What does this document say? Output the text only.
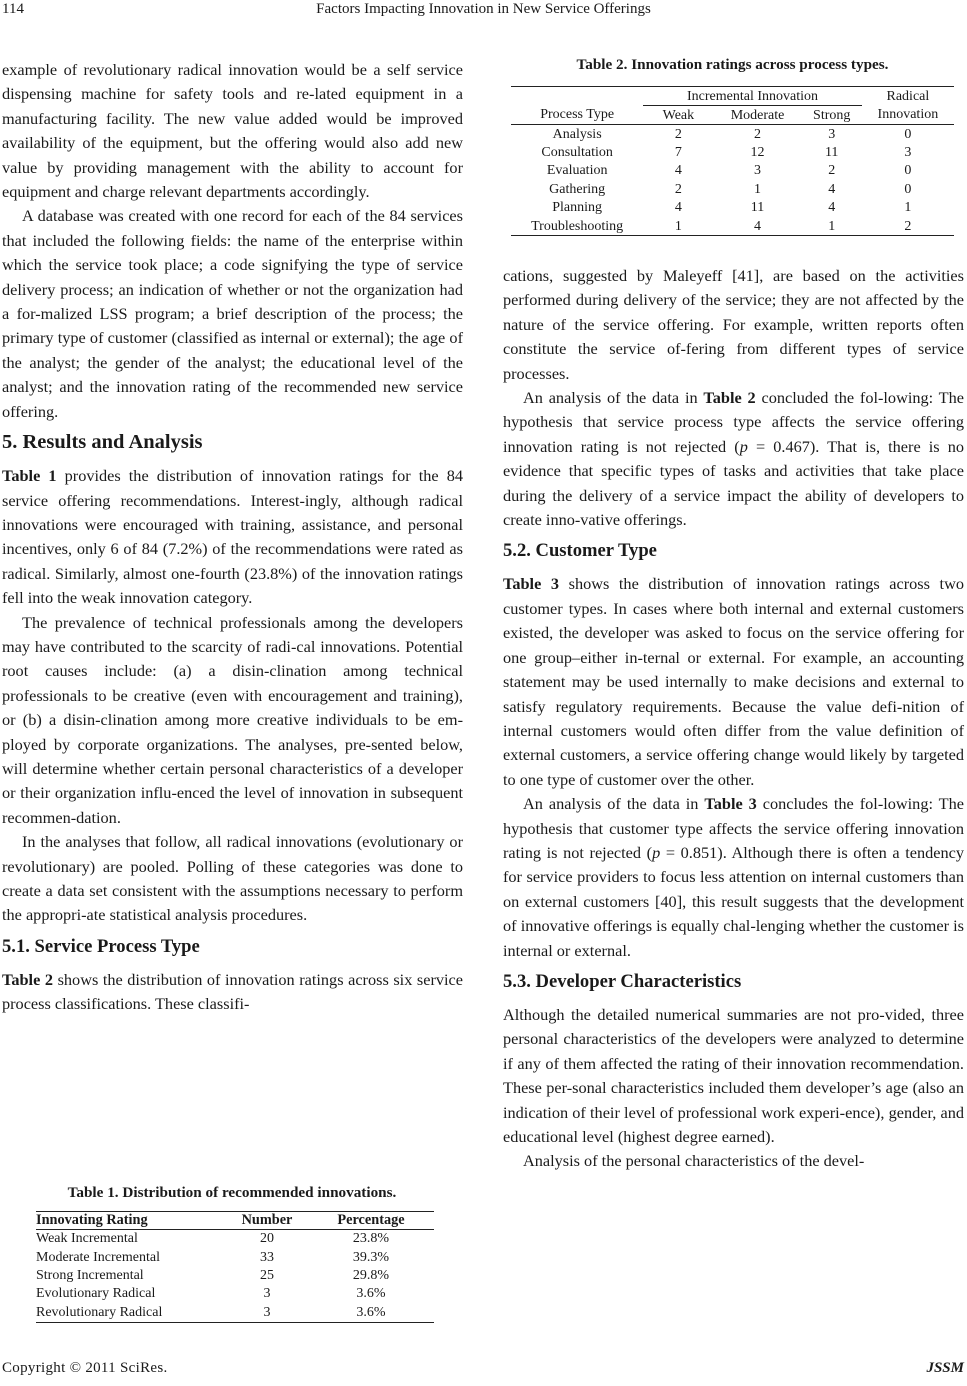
114	Factors Impacting Innovation in New Service Offerings

example of revolutionary radical innovation would be a self service dispensing machine for safety tools and re-lated equipment in a manufacturing facility. The new value added would be improved availability of the equipment, but the offering would also add new value by providing management with the ability to account for equipment and charge relevant departments accordingly.

A database was created with one record for each of the 84 services that included the following fields: the name of the enterprise within which the service took place; a code signifying the type of service delivery process; an indication of whether or not the organization had a for-malized LSS program; a brief description of the process; the primary type of customer (classified as internal or external); the age of the analyst; the gender of the analyst; the educational level of the analyst; and the innovation rating of the recommended new service offering.

5. Results and Analysis

Table 1 provides the distribution of innovation ratings for the 84 service offering recommendations. Interest-ingly, although radical innovations were encouraged with training, assistance, and personal incentives, only 6 of 84 (7.2%) of the recommendations were rated as radical. Similarly, almost one-fourth (23.8%) of the innovation ratings fell into the weak innovation category.

The prevalence of technical professionals among the developers may have contributed to the scarcity of radi-cal innovations. Potential root causes include: (a) a disin-clination among technical professionals to be creative (even with encouragement and training), or (b) a disin-clination among more creative individuals to be em-ployed by corporate organizations. The analyses, pre-sented below, will determine whether certain personal characteristics of a developer or their organization influ-enced the level of innovation in subsequent recommen-dation.

In the analyses that follow, all radical innovations (evolutionary or revolutionary) are pooled. Polling of these categories was done to create a data set consistent with the assumptions necessary to perform the appropri-ate statistical analysis procedures.

5.1. Service Process Type

Table 2 shows the distribution of innovation ratings across six service process classifications. These classifi-

Table 1. Distribution of recommended innovations.
Innovating Rating	Number	Percentage
Weak Incremental	20	23.8%
Moderate Incremental	33	39.3%
Strong Incremental	25	29.8%
Evolutionary Radical	3	3.6%
Revolutionary Radical	3	3.6%
Table 2. Innovation ratings across process types.
	Incremental Innovation			Radical
Innovation
Process Type	Weak	Moderate	Strong	
Analysis	2	2	3	0
Consultation	7	12	11	3
Evaluation	4	3	2	0
Gathering	2	1	4	0
Planning	4	11	4	1
Troubleshooting	1	4	1	2

cations, suggested by Maleyeff [41], are based on the activities performed during delivery of the service; they are not affected by the nature of the service offering. For example, written reports often constitute the service of-fering from different types of service processes.

An analysis of the data in Table 2 concluded the fol-lowing: The hypothesis that service process type affects the service offering innovation rating is not rejected (p = 0.467). That is, there is no evidence that specific types of tasks and activities that take place during the delivery of a service impact the ability of developers to create inno-vative offerings.

5.2. Customer Type

Table 3 shows the distribution of innovation ratings across two customer types. In cases where both internal and external customers existed, the developer was asked to focus on the service offering for one group–either in-ternal or external. For example, an accounting statement may be used internally to make decisions and external to satisfy regulatory requirements. Because the value defi-nition of internal customers would often differ from the value definition of external customers, a service offering change would likely by targeted to one type of customer over the other.

An analysis of the data in Table 3 concludes the fol-lowing: The hypothesis that customer type affects the service offering innovation rating is not rejected (p = 0.851). Although there is often a tendency for service providers to focus less attention on internal customers than on external customers [40], this result suggests that the development of innovative offerings is equally chal-lenging whether the customer is internal or external.

5.3. Developer Characteristics

Although the detailed numerical summaries are not pro-vided, three personal characteristics of the developers were analyzed to determine if any of them affected the rating of their innovation recommendation. These per-sonal characteristics included them developer’s age (also an indication of their level of professional work experi-ence), gender, and educational level (highest degree earned).

Analysis of the personal characteristics of the devel-

Copyright © 2011 SciRes.	JSSM
